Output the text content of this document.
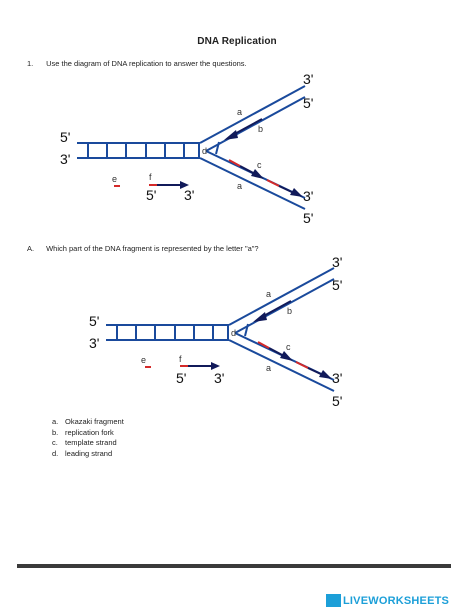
DNA Replication
1. Use the diagram of DNA replication to answer the questions.
5'
3'
3'
5'
3'
5'
5' 3'
a
b
c
a
d
e	f
A. Which part of the DNA fragment is represented by the letter "a"?
5'
3'
3'
5'
3'
5'
5' 3'
a
b
c
a
d
e	f
a. Okazaki fragment
b. replication fork
c. template strand
d. leading strand
LIVEWORKSHEETS
